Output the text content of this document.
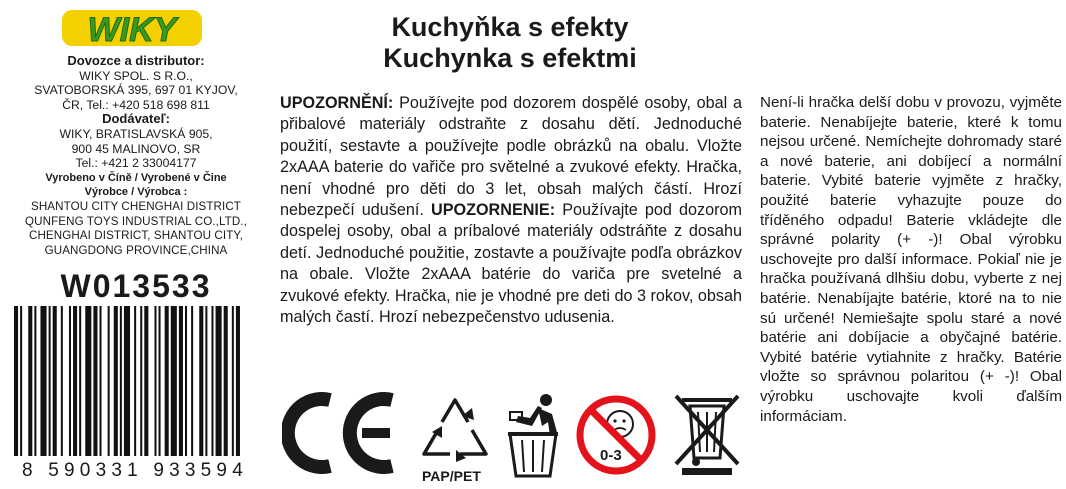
WIKY
Dovozce a distributor:
WIKY SPOL. S R.O.,
SVATOBORSKÁ 395, 697 01 KYJOV,
ČR, Tel.: +420 518 698 811
Dodávateľ:
WIKY, BRATISLAVSKÁ 905,
900 45 MALINOVO, SR
Tel.: +421 2 33004177
Vyrobeno v Číně / Vyrobené v Čine
Výrobce / Výrobca :
SHANTOU CITY CHENGHAI DISTRICT
QUNFENG TOYS INDUSTRIAL CO.,LTD.,
CHENGHAI DISTRICT, SHANTOU CITY,
GUANGDONG PROVINCE,CHINA
W013533
8 590331 933594
Kuchyňka s efekty
Kuchynka s efektmi
UPOZORNĚNÍ: Používejte pod dozorem dospělé osoby, obal a přibalové materiály odstraňte z dosahu dětí. Jednoduché použití, sestavte a používejte podle obrázků na obalu. Vložte 2xAAA baterie do vařiče pro světelné a zvukové efekty. Hračka, není vhodné pro děti do 3 let, obsah malých částí. Hrozí nebezpečí udušení. UPOZORNENIE: Používajte pod dozorom dospelej osoby, obal a príbalové materiály odstráňte z dosahu detí. Jednoduché použitie, zostavte a používajte podľa obrázkov na obale. Vložte 2xAAA batérie do variča pre svetelné a zvukové efekty. Hračka, nie je vhodné pre deti do 3 rokov, obsah malých častí. Hrozí nebezpečenstvo udusenia.
PAP/PET
0-3
Není-li hračka delší dobu v provozu, vyjměte baterie. Nenabíjejte baterie, které k tomu nejsou určené. Nemíchejte dohromady staré a nové baterie, ani dobíjecí a normální baterie. Vybité baterie vyjměte z hračky, použité baterie vyhazujte pouze do tříděného odpadu! Baterie vkládejte dle správné polarity (+ -)! Obal výrobku uschovejte pro další informace. Pokiaľ nie je hračka používaná dlhšiu dobu, vyberte z nej batérie. Nenabíjajte batérie, ktoré na to nie sú určené! Nemiešajte spolu staré a nové batérie ani dobíjacie a obyčajné batérie. Vybité batérie vytiahnite z hračky. Batérie vložte so správnou polaritou (+ -)! Obal výrobku uschovajte kvoli ďalším informáciam.
